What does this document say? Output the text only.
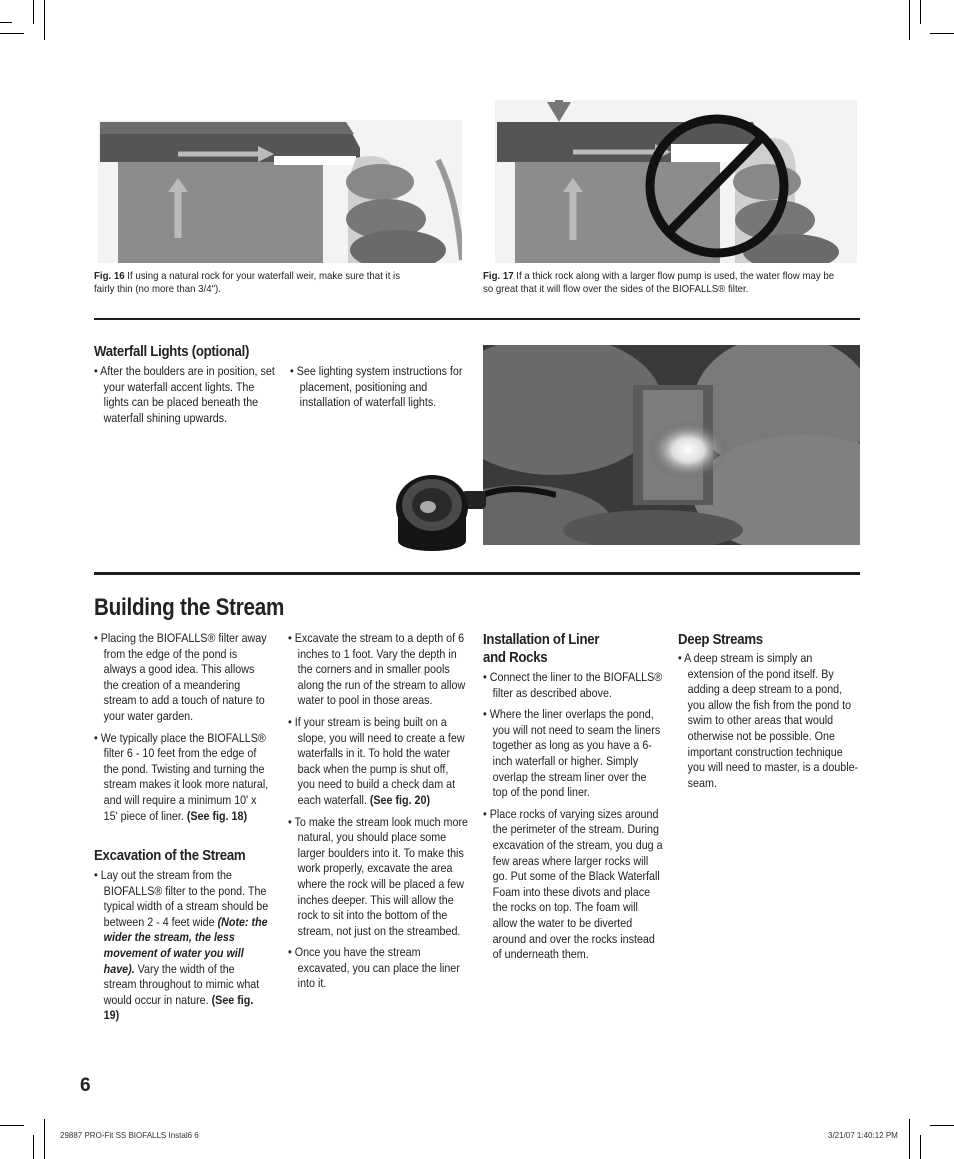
Fig. 16 If using a natural rock for your waterfall weir, make sure that it is fairly thin (no more than 3/4").
Fig. 17 If a thick rock along with a larger flow pump is used, the water flow may be so great that it will flow over the sides of the BIOFALLS® filter.
Waterfall Lights (optional)

• After the boulders are in position, set your waterfall accent lights. The lights can be placed beneath the waterfall shining upwards.

• See lighting system instructions for placement, positioning and installation of waterfall lights.

Building the Stream

• Placing the BIOFALLS® filter away from the edge of the pond is always a good idea. This allows the creation of a meandering stream to add a touch of nature to your water garden.

• We typically place the BIOFALLS® filter 6 - 10 feet from the edge of the pond. Twisting and turning the stream makes it look more natural, and will require a minimum 10' x 15' piece of liner. (See fig. 18)

Excavation of the Stream

• Lay out the stream from the BIOFALLS® filter to the pond. The typical width of a stream should be between 2 - 4 feet wide (Note: the wider the stream, the less movement of water you will have). Vary the width of the stream throughout to mimic what would occur in nature. (See fig. 19)

• Excavate the stream to a depth of 6 inches to 1 foot. Vary the depth in the corners and in smaller pools along the run of the stream to allow water to pool in those areas.

• If your stream is being built on a slope, you will need to create a few waterfalls in it. To hold the water back when the pump is shut off, you need to build a check dam at each waterfall. (See fig. 20)

• To make the stream look much more natural, you should place some larger boulders into it. To make this work properly, excavate the area where the rock will be placed a few inches deeper. This will allow the rock to sit into the bottom of the stream, not just on the streambed.

• Once you have the stream excavated, you can place the liner into it.

Installation of Liner and Rocks

• Connect the liner to the BIOFALLS® filter as described above.

• Where the liner overlaps the pond, you will not need to seam the liners together as long as you have a 6-inch waterfall or higher. Simply overlap the stream liner over the top of the pond liner.

• Place rocks of varying sizes around the perimeter of the stream. During excavation of the stream, you dug a few areas where larger rocks will go. Put some of the Black Waterfall Foam into these divots and place the rocks on top. The foam will allow the water to be diverted around and over the rocks instead of underneath them.

Deep Streams

• A deep stream is simply an extension of the pond itself. By adding a deep stream to a pond, you allow the fish from the pond to swim to other areas that would otherwise not be possible. One important construction technique you will need to master, is a double-seam.

6
29887 PRO-Fit SS BIOFALLS Instal6 6	3/21/07 1:40:12 PM
